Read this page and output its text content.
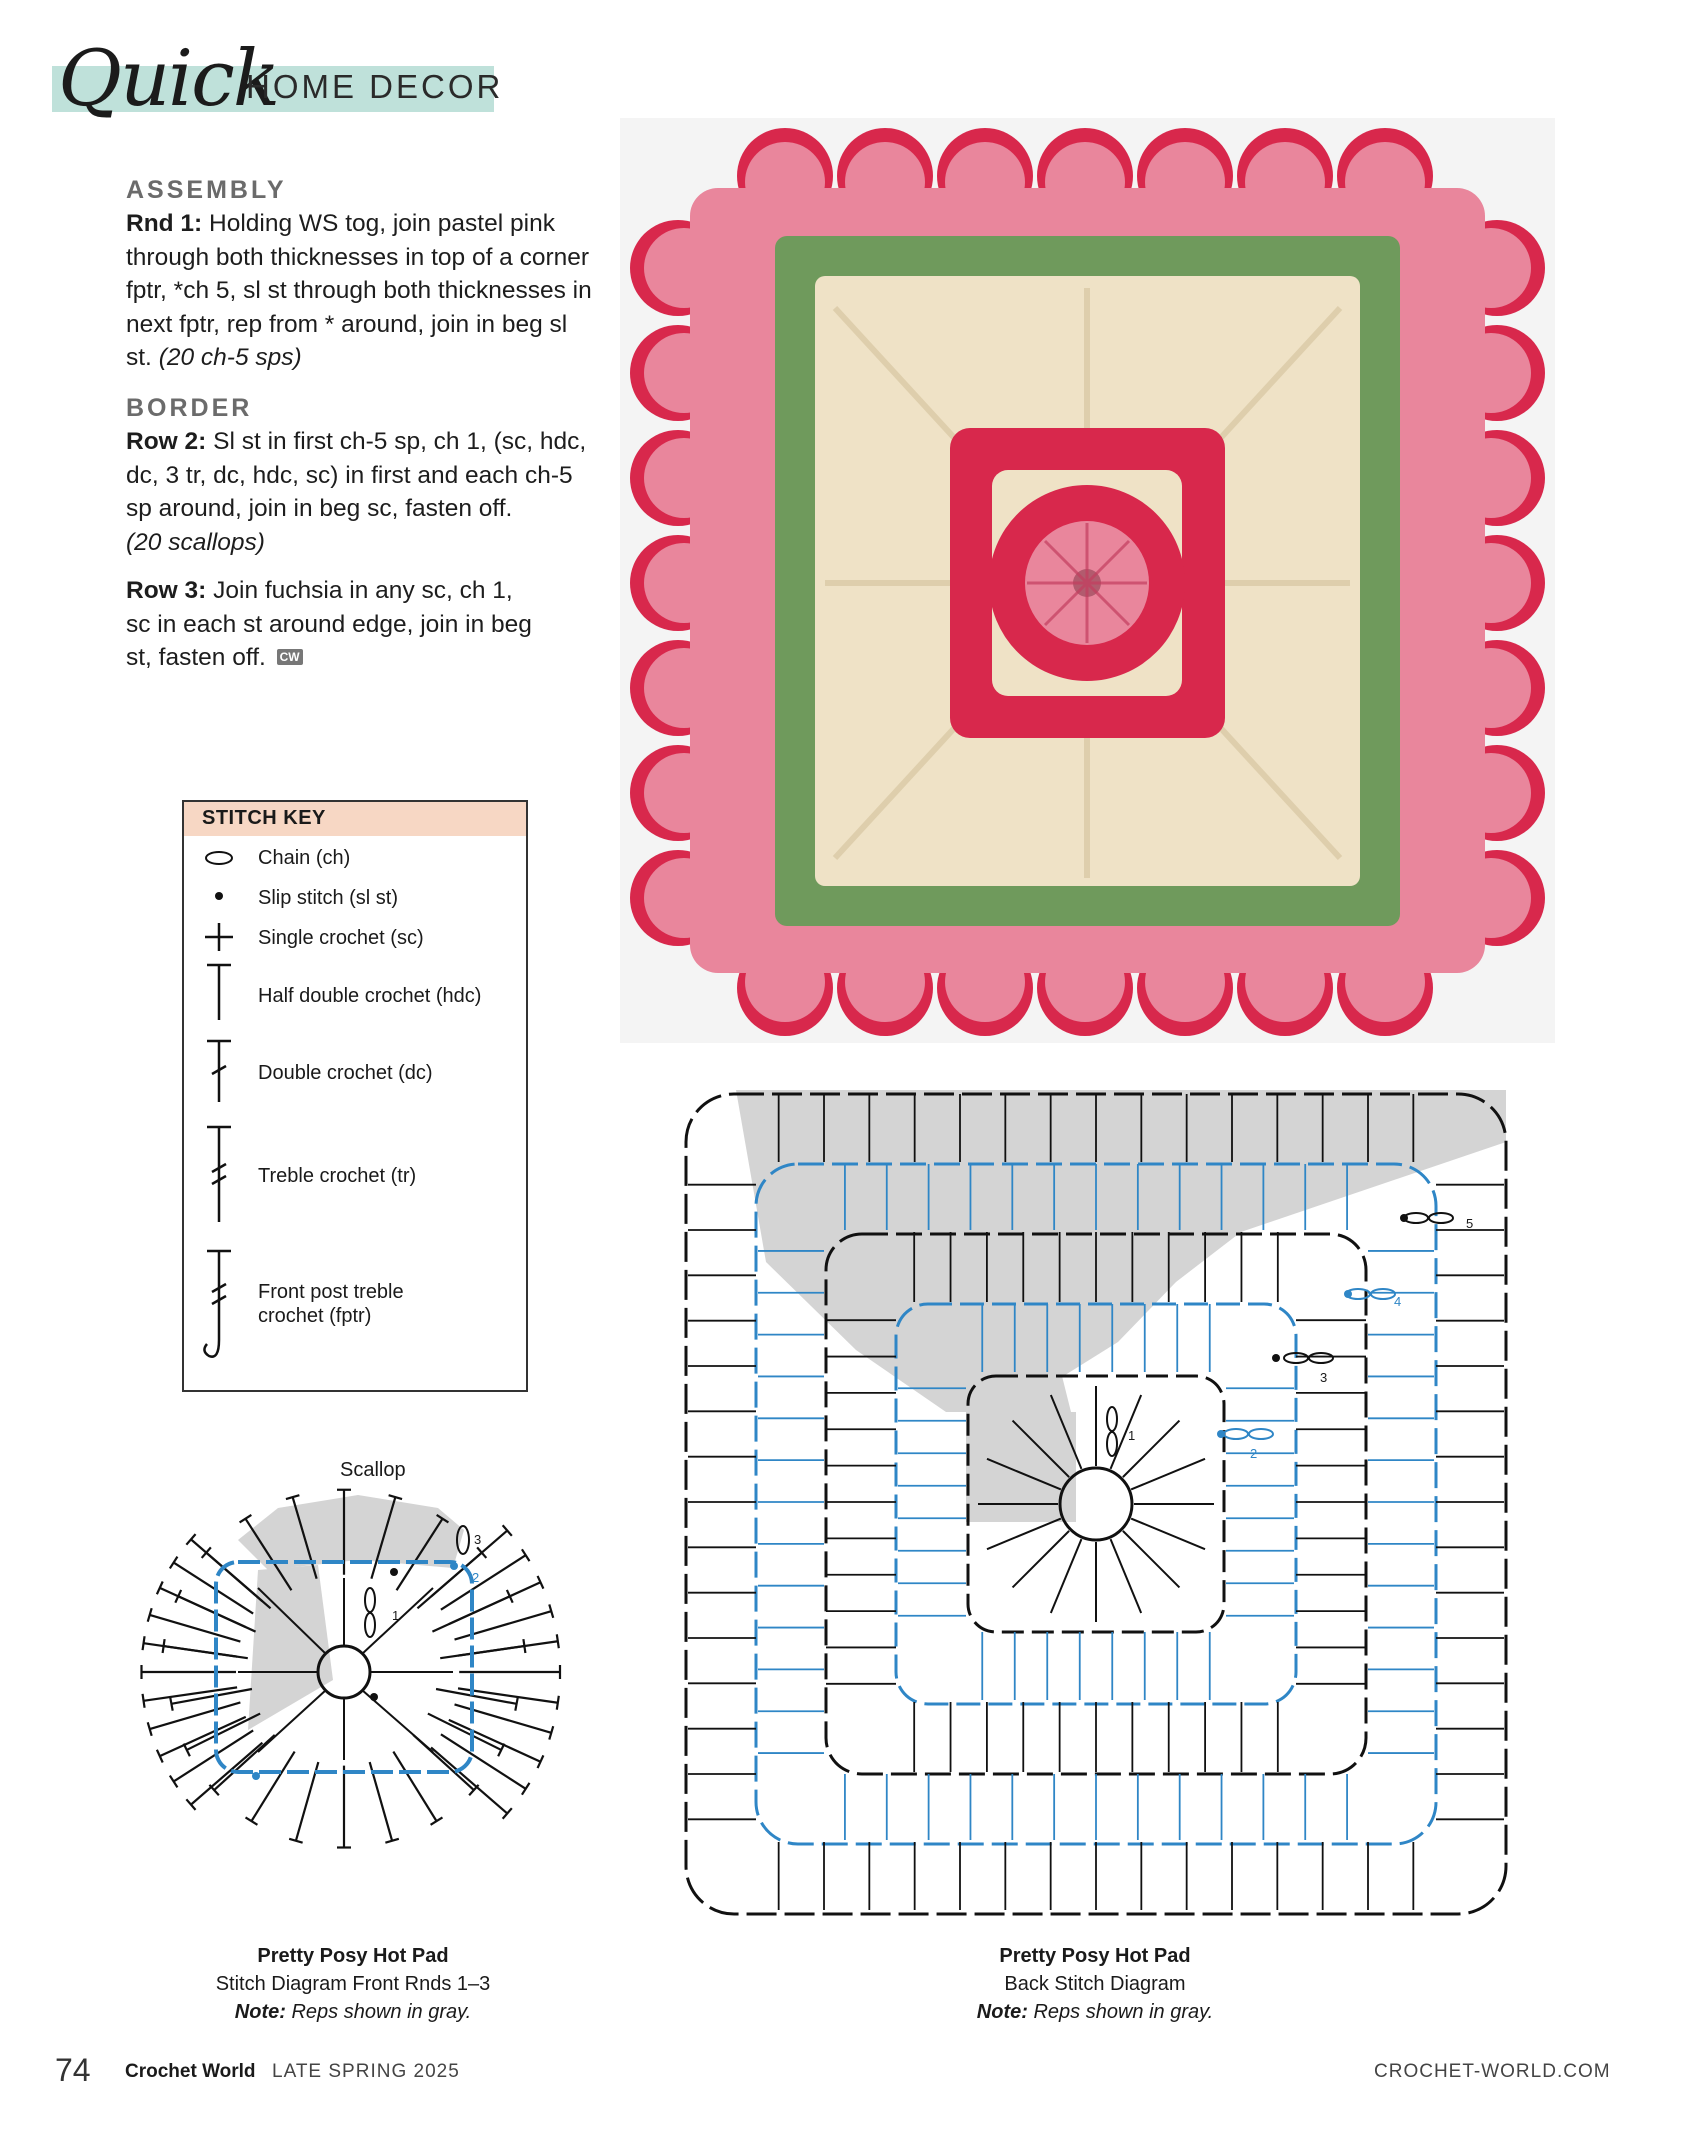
Quick
HOME DECOR
ASSEMBLY
Rnd 1: Holding WS tog, join pastel pink through both thicknesses in top of a corner fptr, *ch 5, sl st through both thicknesses in next fptr, rep from * around, join in beg sl st. (20 ch-5 sps)
BORDER
Row 2: Sl st in first ch-5 sp, ch 1, (sc, hdc, dc, 3 tr, dc, hdc, sc) in first and each ch-5 sp around, join in beg sc, fasten off.
(20 scallops)
Row 3: Join fuchsia in any sc, ch 1, sc in each st around edge, join in beg st, fasten off. CW
STITCH KEY
Chain (ch)
Slip stitch (sl st)
Single crochet (sc)
Half double crochet (hdc)
Double crochet (dc)
Treble crochet (tr)
Front post treble
crochet (fptr)
Scallop
1
2
3
1
2
3
4
5
Pretty Posy Hot Pad
Stitch Diagram Front Rnds 1–3
Note: Reps shown in gray.
Pretty Posy Hot Pad
Back Stitch Diagram
Note: Reps shown in gray.
74 Crochet World LATE SPRING 2025	CROCHET-WORLD.COM
